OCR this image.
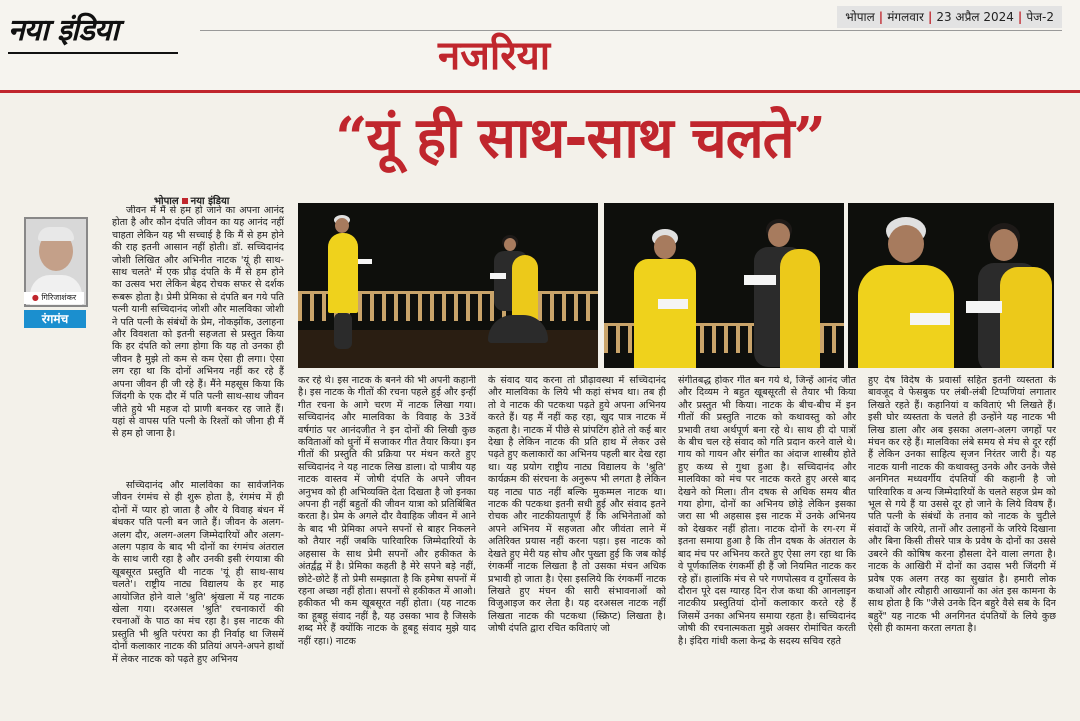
नया इंडिया	भोपाल | मंगलवार | 23 अप्रैल 2024 | पेज-2
नजरिया
“यूं ही साथ-साथ चलते”
● गिरिजाशंकर
रंगमंच
भोपाल नया इंडिया

जीवन में मैं से हम हो जाने का अपना आनंद होता है और कौन दंपति जीवन का यह आनंद नहीं चाहता लेकिन यह भी सच्चाई है कि मैं से हम होने की राह इतनी आसान नहीं होती। डॉ. सच्चिदानंद जोशी लिखित और अभिनीत नाटक 'यूं ही साथ-साथ चलते' में एक प्रौढ़ दंपति के मैं से हम होने का उत्सव भरा लेकिन बेहद रोचक सफर से दर्शक रूबरू होता है। प्रेमी प्रेमिका से दंपति बन गये पति पत्नी यानी सच्चिदानंद जोशी और मालविका जोशी ने पति पत्नी के संबंधों के प्रेम, नोकझोंक, उलाहना और विवशता को इतनी सहजता से प्रस्तुत किया कि हर दंपति को लगा होगा कि यह तो उनका ही जीवन है मुझे तो कम से कम ऐसा ही लगा। ऐसा लग रहा था कि दोनों अभिनय नहीं कर रहे हैं अपना जीवन ही जी रहे हैं। मैंने महसूस किया कि जिंदगी के एक दौर में पति पत्नी साथ-साथ जीवन जीते हुये भी महज दो प्राणी बनकर रह जाते हैं। यहां से वापस पति पत्नी के रिश्तों को जीना ही मैं से हम हो जाना है।

सच्चिदानंद और मालविका का सार्वजनिक जीवन रंगमंच से ही शुरू होता है, रंगमंच में ही दोनों में प्यार हो जाता है और ये विवाह बंधन में बंधकर पति पत्नी बन जाते हैं। जीवन के अलग-अलग दौर, अलग-अलग जिम्मेदारियों और अलग-अलग पड़ाव के बाद भी दोनों का रंगमंच अंतराल के साथ जारी रहा है और उनकी इसी रंगयात्रा की खूबसूरत प्रस्तुति थी नाटक 'यूं ही साथ-साथ चलते'। राष्ट्रीय नाट्य विद्यालय के हर माह आयोजित होने वाले 'श्रुति' श्रृंखला में यह नाटक खेला गया। दरअसल 'श्रुति' रचनाकारों की रचनाओं के पाठ का मंच रहा है। इस नाटक की प्रस्तुति भी श्रुति परंपरा का ही निर्वाह था जिसमें दोनों कलाकार नाटक की प्रतियां अपने-अपने हाथों में लेकर नाटक को पढ़ते हुए अभिनय

कर रहे थे। इस नाटक के बनने की भी अपनी कहानी है। इस नाटक के गीतों की रचना पहले हुई और इन्हीं गीत रचना के आगे चरण में नाटक लिखा गया। सच्चिदानंद और मालविका के विवाह के 33वें वर्षगांठ पर आनंदजीत ने इन दोनों की लिखी कुछ कविताओं को धुनों में सजाकर गीत तैयार किया। इन गीतों की प्रस्तुति की प्रक्रिया पर मंथन करते हुए सच्चिदानंद ने यह नाटक लिख डाला। दो पात्रीय यह नाटक वास्तव में जोषी दंपति के अपने जीवन अनुभव को ही अभिव्यक्ति देता दिखता है जो इनका अपना ही नहीं बहुतों की जीवन यात्रा को प्रतिबिंबित करता है। प्रेम के अगले दौर वैवाहिक जीवन में आने के बाद भी प्रेमिका अपने सपनों से बाहर निकलने को तैयार नहीं जबकि पारिवारिक जिम्मेदारियों के अहसास के साथ प्रेमी सपनों और हकीकत के अंतर्द्वंद्व में है। प्रेमिका कहती है मेरे सपने बड़े नहीं, छोटे-छोटे हैं तो प्रेमी समझाता है कि हमेषा सपनों में रहना अच्छा नहीं होता। सपनों से हकीकत में आओ। हकीकत भी कम खूबसूरत नहीं होता। (यह नाटक का हूबहू संवाद नहीं है, यह उसका भाव है जिसके शब्द मेरे हैं क्योंकि नाटक के हूबहू संवाद मुझे याद नहीं रहा।) नाटक

के संवाद याद करना तो प्रौढ़ावस्था में सच्चिदानंद और मालविका के लिये भी कहां संभव था। तब ही तो वे नाटक की पटकथा पढ़ते हुये अपना अभिनय करते हैं। यह मैं नहीं कह रहा, खुद पात्र नाटक में कहता है। नाटक में पीछे से प्रांपटिंग होते तो कई बार देखा है लेकिन नाटक की प्रति हाथ में लेकर उसे पढ़ते हुए कलाकारों का अभिनय पहली बार देख रहा था। यह प्रयोग राष्ट्रीय नाट्य विद्यालय के 'श्रुति' कार्यक्रम की संरचना के अनुरूप भी लगता है लेकिन यह नाट्य पाठ नहीं बल्कि मुकम्मल नाटक था। नाटक की पटकथा इतनी सधी हुई और संवाद इतने रोचक और नाटकीयतापूर्ण हैं कि अभिनेताओं को अपने अभिनय में सहजता और जीवंता लाने में अतिरिक्त प्रयास नहीं करना पड़ा। इस नाटक को देखते हुए मेरी यह सोच और पुख्ता हुई कि जब कोई रंगकर्मी नाटक लिखता है तो उसका मंचन अधिक प्रभावी हो जाता है। ऐसा इसलिये कि रंगकर्मी नाटक लिखते हुए मंचन की सारी संभावनाओं को विजुआइज कर लेता है। यह दरअसल नाटक नहीं लिखता नाटक की पटकथा (स्क्रिप्ट) लिखता है। जोषी दंपति द्वारा रचित कविताएं जो

संगीतबद्ध होकर गीत बन गये थे, जिन्हें आनंद जीत और दिव्यम ने बहुत खूबसूरती से तैयार भी किया और प्रस्तुत भी किया। नाटक के बीच-बीच में इन गीतों की प्रस्तुति नाटक को कथावस्तु को और प्रभावी तथा अर्थपूर्ण बना रहे थे। साथ ही दो पात्रों के बीच चल रहे संवाद को गति प्रदान करने वाले थे। गाय को गायन और संगीत का अंदाज शास्त्रीय होते हुए कथ्य से गुथा हुआ है। सच्चिदानंद और मालविका को मंच पर नाटक करते हुए अरसे बाद देखने को मिला। तीन दषक से अधिक समय बीत गया होगा, दोनों का अभिनय छोड़े लेकिन इसका जरा सा भी अहसास इस नाटक में उनके अभिनय को देखकर नहीं होता। नाटक दोनों के रग-रग में इतना समाया हुआ है कि तीन दषक के अंतराल के बाद मंच पर अभिनय करते हुए ऐसा लग रहा था कि वे पूर्णकालिक रंगकर्मी ही हैं जो नियमित नाटक कर रहे हों। हालांकि मंच से परे गणपोत्सव व दुर्गोत्सव के दौरान पूरे दस ग्यारह दिन रोज कथा की आनलाइन नाटकीय प्रस्तुतियां दोनों कलाकार करते रहे हैं जिसमें उनका अभिनय समाया रहता है। सच्चिदानंद जोषी की रचनात्मकता मुझे अक्सर रोमांचित करती है। इंदिरा गांधी कला केन्द्र के सदस्य सचिव रहते

हुए देष विदेष के प्रवासों सहित इतनी व्यस्तता के बावजूद वे फेसबुक पर लंबी-लंबी टिप्पणियां लगातार लिखते रहते हैं। कहानियां व कविताएं भी लिखते हैं। इसी घोर व्यस्तता के चलते ही उन्होंने यह नाटक भी लिख डाला और अब इसका अलग-अलग जगहों पर मंचन कर रहे हैं। मालविका लंबे समय से मंच से दूर रहीं हैं लेकिन उनका साहित्य सृजन निरंतर जारी है। यह नाटक यानी नाटक की कथावस्तु उनके और उनके जैसे अनगिनत मध्यवर्गीय दंपतियों की कहानी है जो पारिवारिक व अन्य जिम्मेदारियों के चलते सहज प्रेम को भूल से गये हैं या उससे दूर हो जाने के लिये विवष हैं। पति पत्नी के संबंधों के तनाव को नाटक के चुटीले संवादों के जरिये, तानों और उलाहनों के जरिये दिखाना और बिना किसी तीसरे पात्र के प्रवेष के दोनों का उससे उबरने की कोषिष करना हौसला देने वाला लगता है। नाटक के आखिरी में दोनों का उदास भरी जिंदगी में प्रवेष एक अलग तरह का सुखांत है। हमारी लोक कथाओं और त्यौहारी आख्यानों का अंत इस कामना के साथ होता है कि "जैसे उनके दिन बहुरे वैसे सब के दिन बहुरें" यह नाटक भी अनगिनत दंपतियों के लिये कुछ ऐसी ही कामना करता लगता है।
